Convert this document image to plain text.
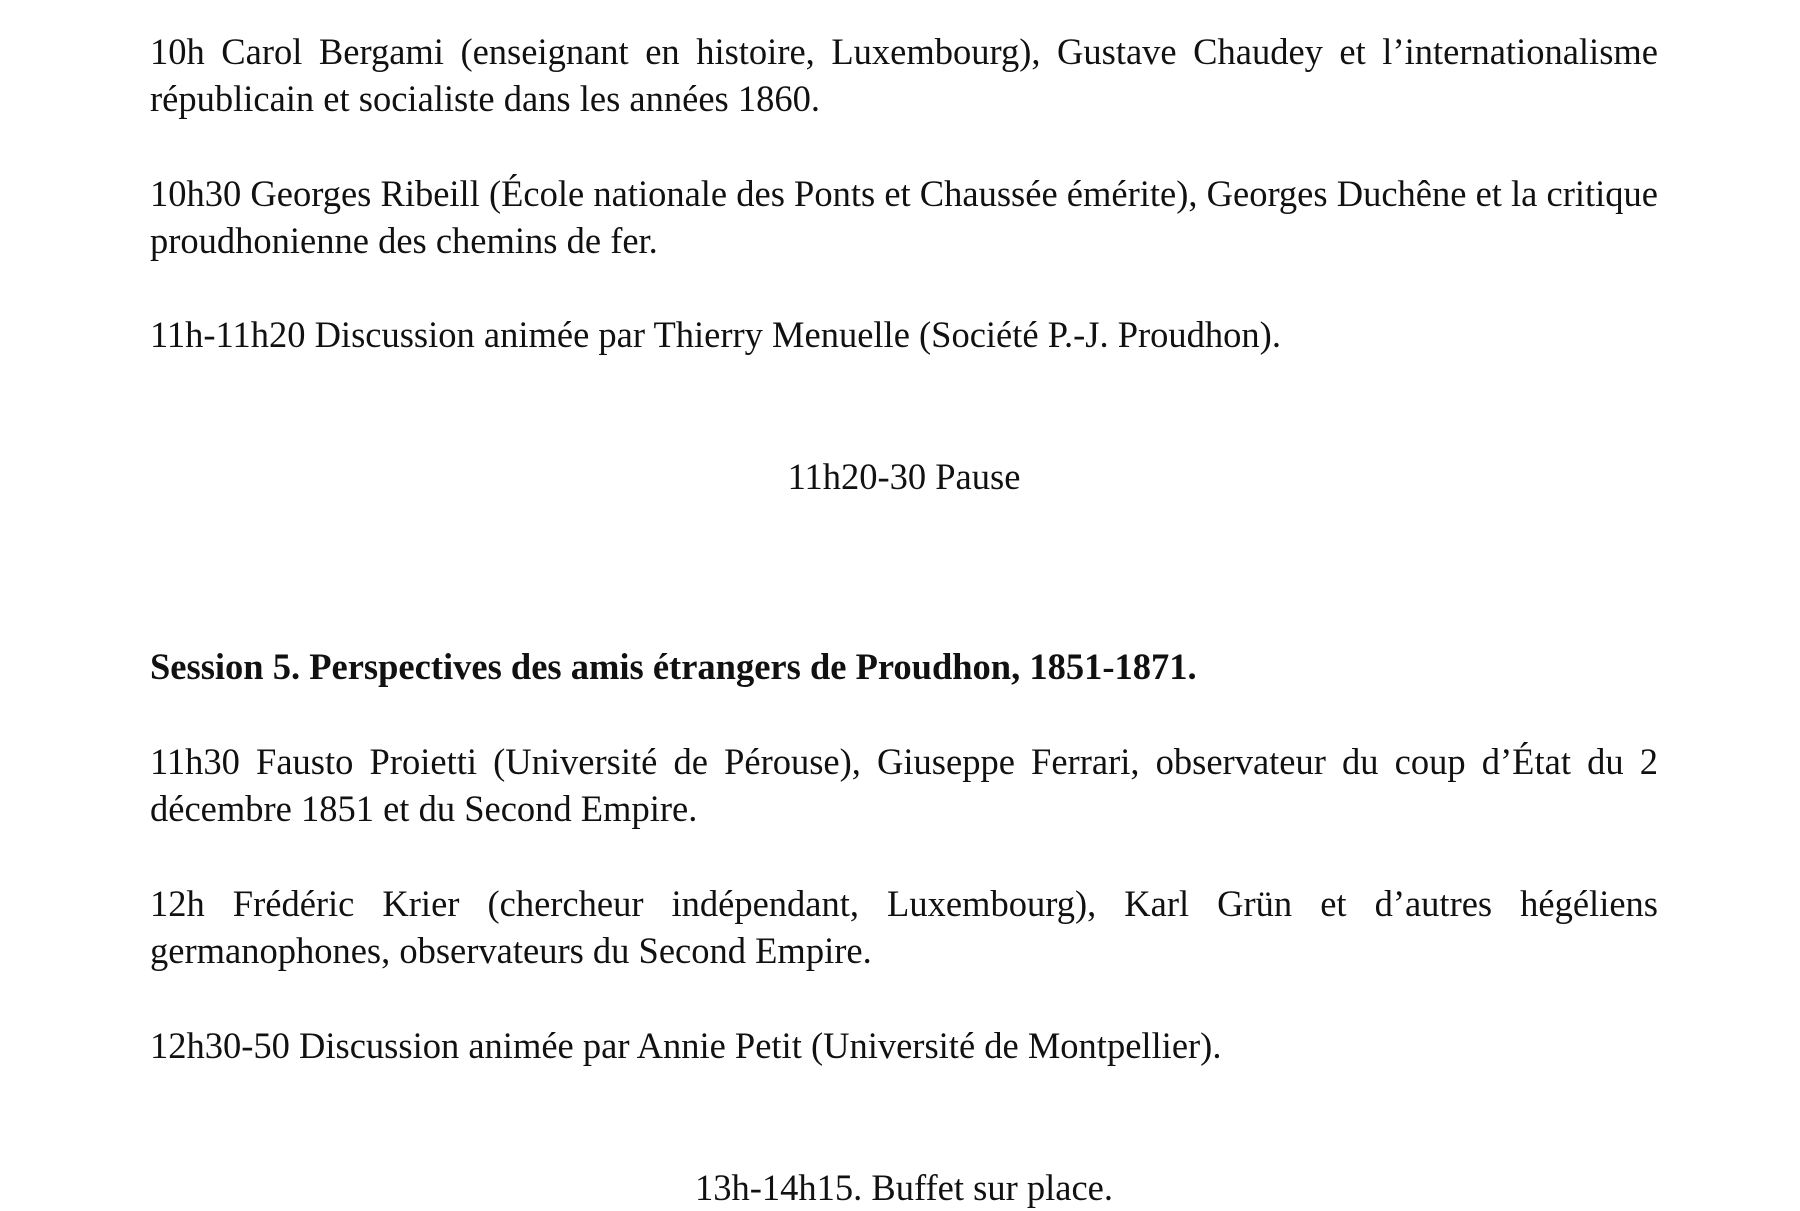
10h Carol Bergami (enseignant en histoire, Luxembourg), Gustave Chaudey et l’internationalisme républicain et socialiste dans les années 1860.

10h30 Georges Ribeill (École nationale des Ponts et Chaussée émérite), Georges Duchêne et la critique proudhonienne des chemins de fer.

11h-11h20 Discussion animée par Thierry Menuelle (Société P.-J. Proudhon).

11h20-30 Pause

Session 5. Perspectives des amis étrangers de Proudhon, 1851-1871.

11h30 Fausto Proietti (Université de Pérouse), Giuseppe Ferrari, observateur du coup d’État du 2 décembre 1851 et du Second Empire.

12h Frédéric Krier (chercheur indépendant, Luxembourg), Karl Grün et d’autres hégéliens germanophones, observateurs du Second Empire.

12h30-50 Discussion animée par Annie Petit (Université de Montpellier).

13h-14h15. Buffet sur place.
